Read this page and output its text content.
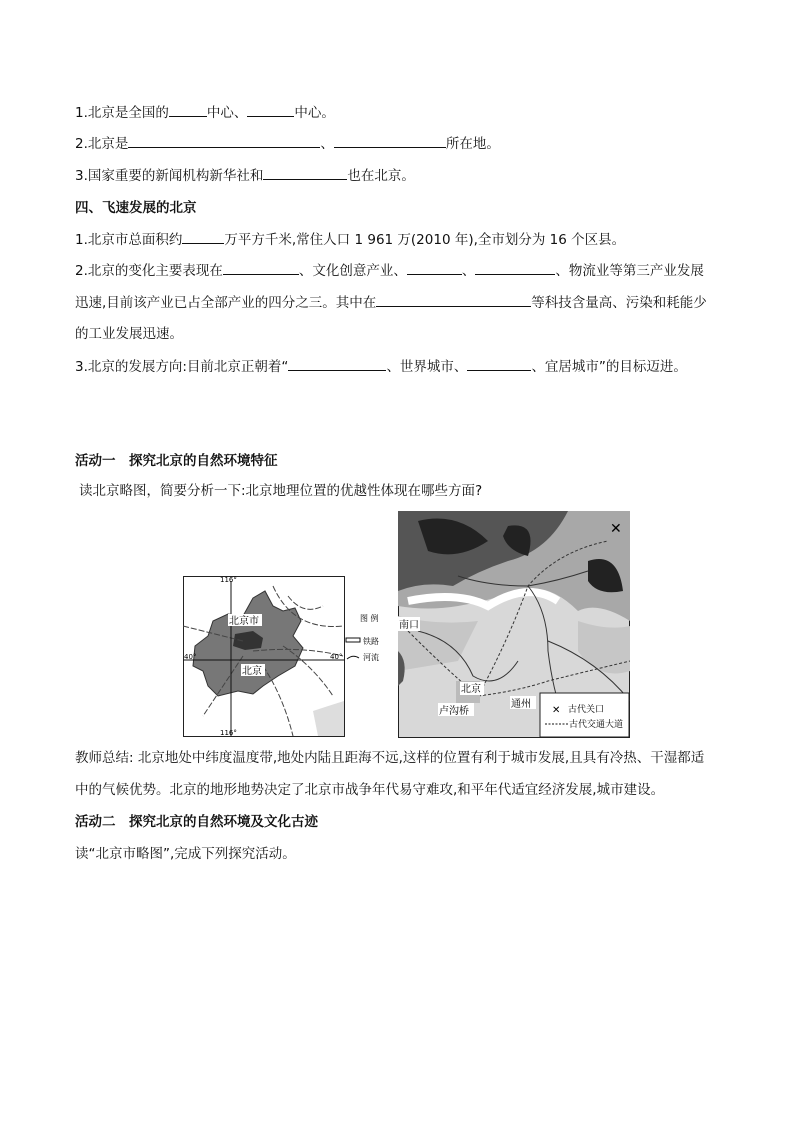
1.北京是全国的	中心、	中心。
2.北京是	、	所在地。
3.国家重要的新闻机构新华社和	也在北京。
四、飞速发展的北京
1.北京市总面积约	万平方千米,常住人口 1 961 万(2010 年),全市划分为 16 个区县。
2.北京的变化主要表现在	、文化创意产业、	、	、物流业等第三产业发展
迅速,目前该产业已占全部产业的四分之三。其中在	等科技含量高、污染和耗能少
的工业发展迅速。
3.北京的发展方向:目前北京正朝着“	、世界城市、	、宜居城市”的目标迈进。
活动一　探究北京的自然环境特征
读北京略图，简要分析一下:北京地理位置的优越性体现在哪些方面?
116°
116°
40°	40°
北京市
北京
图 例
铁路
河流
✕
南口
北京
卢沟桥
通州
✕ 古代关口
古代交通大道
教师总结: 北京地处中纬度温度带,地处内陆且距海不远,这样的位置有利于城市发展,且具有冷热、干湿都适
中的气候优势。北京的地形地势决定了北京市战争年代易守难攻,和平年代适宜经济发展,城市建设。
活动二　探究北京的自然环境及文化古迹
读“北京市略图”,完成下列探究活动。
